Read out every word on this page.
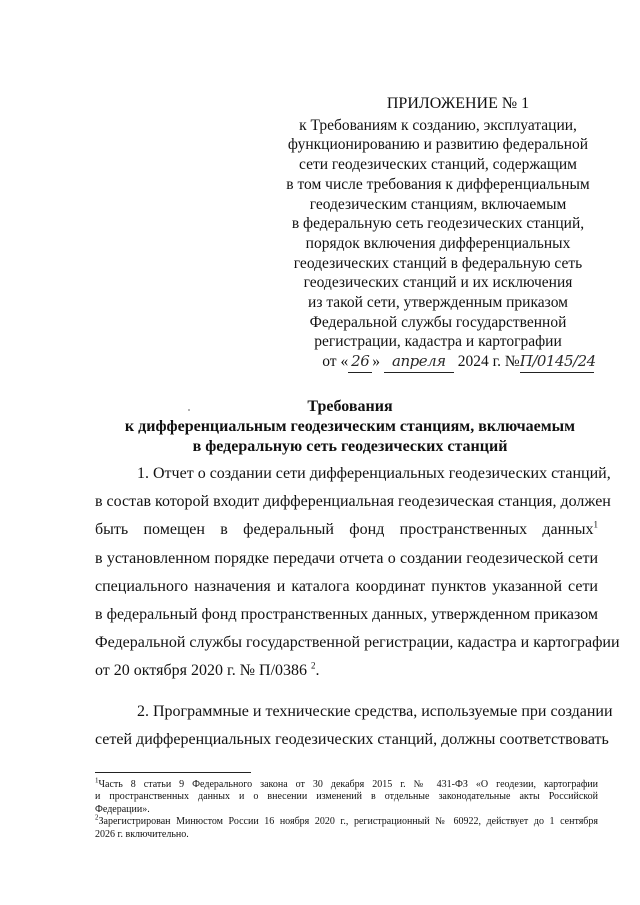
ПРИЛОЖЕНИЕ № 1
к Требованиям к созданию, эксплуатации,
функционированию и развитию федеральной
сети геодезических станций, содержащим
в том числе требования к дифференциальным
геодезическим станциям, включаемым
в федеральную сеть геодезических станций,
порядок включения дифференциальных
геодезических станций в федеральную сеть
геодезических станций и их исключения
из такой сети, утвержденным приказом
Федеральной службы государственной
регистрации, кадастра и картографии
от « 26 » апреля 2024 г. №П/0145/24
Требования
к дифференциальным геодезическим станциям, включаемым
в федеральную сеть геодезических станций
1. Отчет о создании сети дифференциальных геодезических станций,
в состав которой входит дифференциальная геодезическая станция, должен
быть помещен в федеральный фонд пространственных данных$^1$
в установленном порядке передачи отчета о создании геодезической сети
специального назначения и каталога координат пунктов указанной сети
в федеральный фонд пространственных данных, утвержденном приказом
Федеральной службы государственной регистрации, кадастра и картографии
от 20 октября 2020 г. № П/0386 $^2$.
2. Программные и технические средства, используемые при создании
сетей дифференциальных геодезических станций, должны соответствовать
$^1$Часть 8 статьи 9 Федерального закона от 30 декабря 2015 г. № 431-ФЗ «О геодезии, картографии
и пространственных данных и о внесении изменений в отдельные законодательные акты Российской
Федерации».
$^2$Зарегистрирован Минюстом России 16 ноября 2020 г., регистрационный № 60922, действует до 1 сентября
2026 г. включительно.
